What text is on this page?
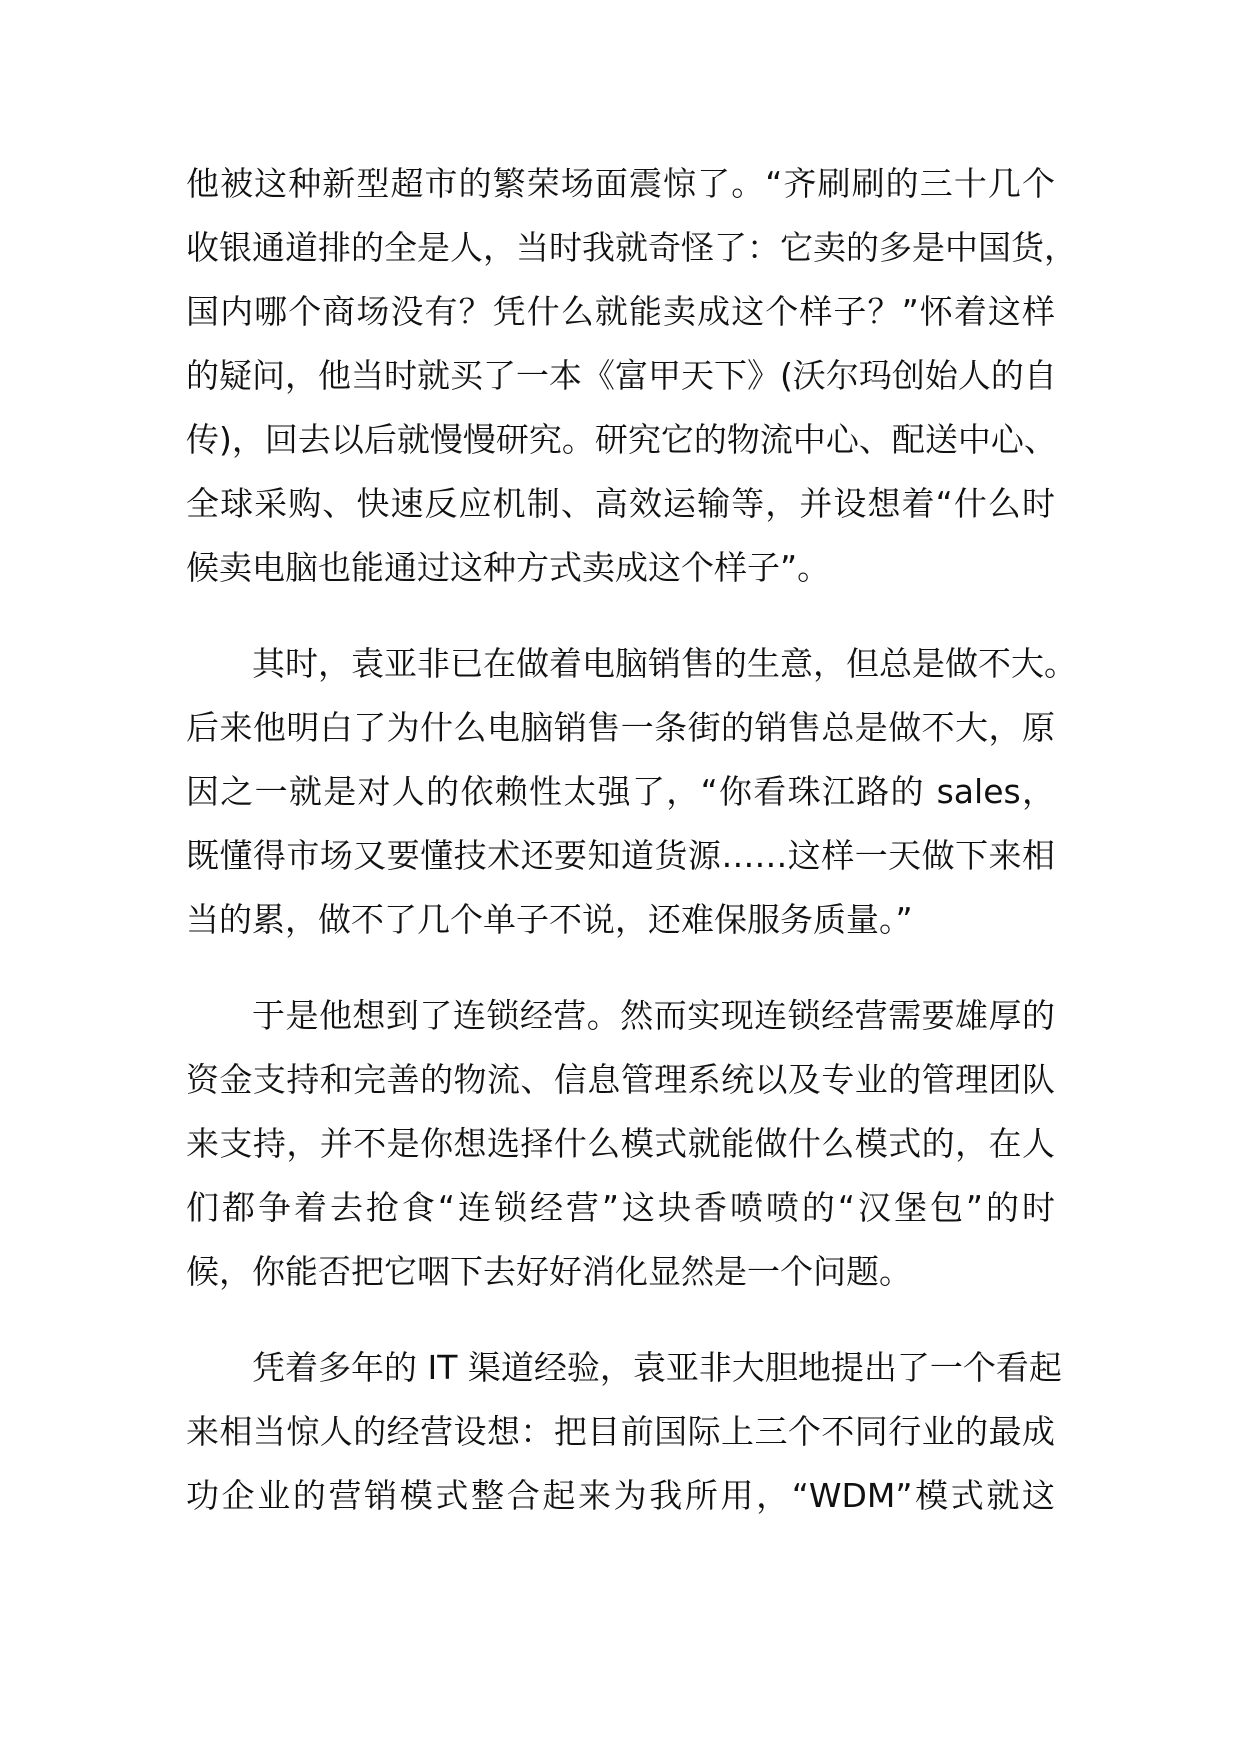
他被这种新型超市的繁荣场面震惊了。“齐刷刷的三十几个
收银通道排的全是人，当时我就奇怪了：它卖的多是中国货，
国内哪个商场没有？凭什么就能卖成这个样子？”怀着这样
的疑问，他当时就买了一本《富甲天下》(沃尔玛创始人的自
传)，回去以后就慢慢研究。研究它的物流中心、配送中心、
全球采购、快速反应机制、高效运输等，并设想着“什么时
候卖电脑也能通过这种方式卖成这个样子”。
其时，袁亚非已在做着电脑销售的生意，但总是做不大。
后来他明白了为什么电脑销售一条街的销售总是做不大，原
因之一就是对人的依赖性太强了，“你看珠江路的 sales，
既懂得市场又要懂技术还要知道货源……这样一天做下来相
当的累，做不了几个单子不说，还难保服务质量。”
于是他想到了连锁经营。然而实现连锁经营需要雄厚的
资金支持和完善的物流、信息管理系统以及专业的管理团队
来支持，并不是你想选择什么模式就能做什么模式的，在人
们都争着去抢食“连锁经营”这块香喷喷的“汉堡包”的时
候，你能否把它咽下去好好消化显然是一个问题。
凭着多年的 IT 渠道经验，袁亚非大胆地提出了一个看起
来相当惊人的经营设想：把目前国际上三个不同行业的最成
功企业的营销模式整合起来为我所用，“WDM”模式就这
